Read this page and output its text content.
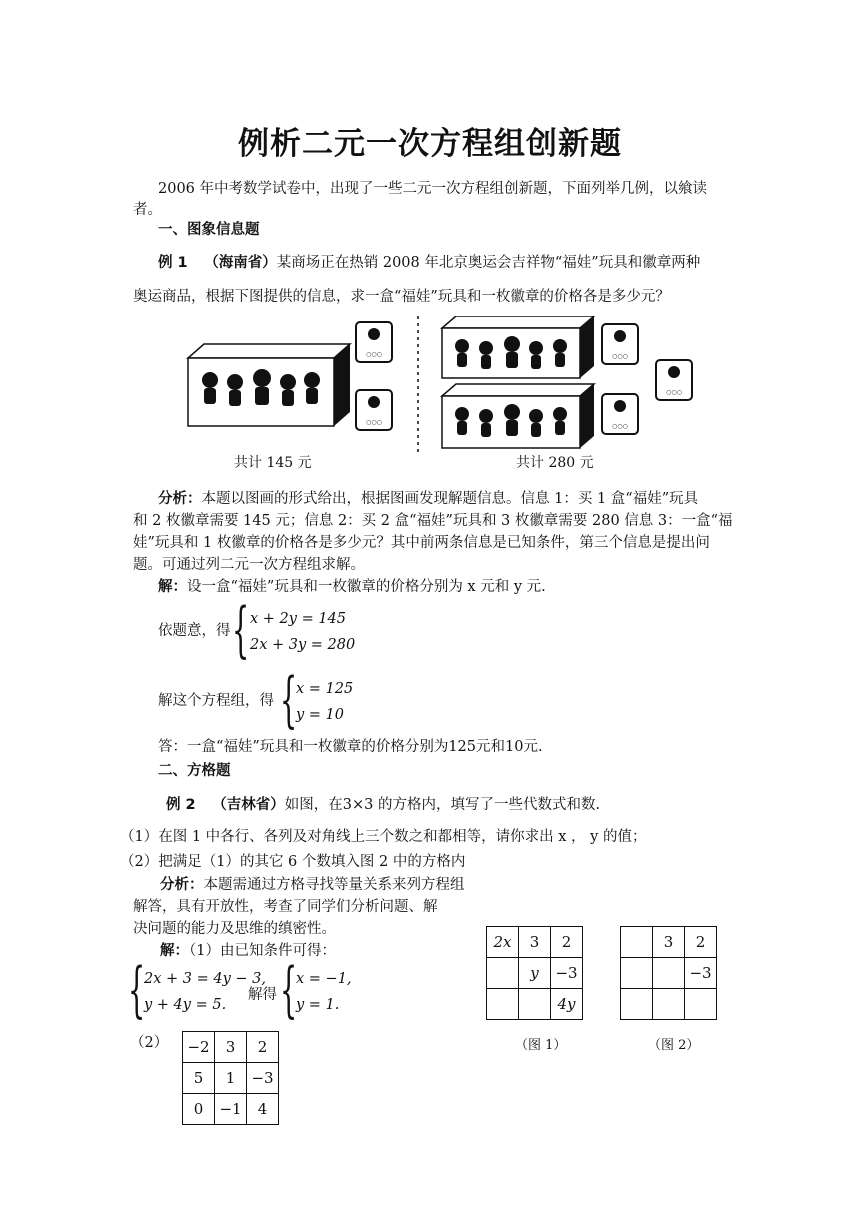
例析二元一次方程组创新题
2006 年中考数学试卷中，出现了一些二元一次方程组创新题，下面列举几例，以飨读
者。
一、图象信息题
例 1 （海南省）某商场正在热销 2008 年北京奥运会吉祥物“福娃”玩具和徽章两种
奥运商品，根据下图提供的信息，求一盒“福娃”玩具和一枚徽章的价格各是多少元？
○○○
○○○
○○○
○○○
○○○
共计 145 元	共计 280 元
分析：本题以图画的形式给出，根据图画发现解题信息。信息 1：买 1 盒“福娃”玩具
和 2 枚徽章需要 145 元；信息 2：买 2 盒“福娃”玩具和 3 枚徽章需要 280 信息 3：一盒“福
娃”玩具和 1 枚徽章的价格各是多少元？其中前两条信息是已知条件，第三个信息是提出问
题。可通过列二元一次方程组求解。
解：设一盒“福娃”玩具和一枚徽章的价格分别为 x 元和 y 元.
依题意，得 { x + 2y = 145
2x + 3y = 280
解这个方程组，得 {
x = 125
y = 10
答：一盒“福娃”玩具和一枚徽章的价格分别为125元和10元.
二、方格题
例 2 （吉林省）如图，在3×3 的方格内，填写了一些代数式和数.
（1）在图 1 中各行、各列及对角线上三个数之和都相等，请你求出 x ， y 的值；
（2）把满足（1）的其它 6 个数填入图 2 中的方格内
分析：本题需通过方格寻找等量关系来列方程组
解答，具有开放性，考查了同学们分析问题、解
决问题的能力及思维的缜密性。
解：（1）由已知条件可得：
{
2x + 3 = 4y − 3,
y + 4y = 5.
解得 {
x = −1,
y = 1.
（2） −2	3	2
5	1	−3
0	−1	4
2x	3	2
	y	−3
		4y
（图 1）
	3	2
		−3

（图 2）
